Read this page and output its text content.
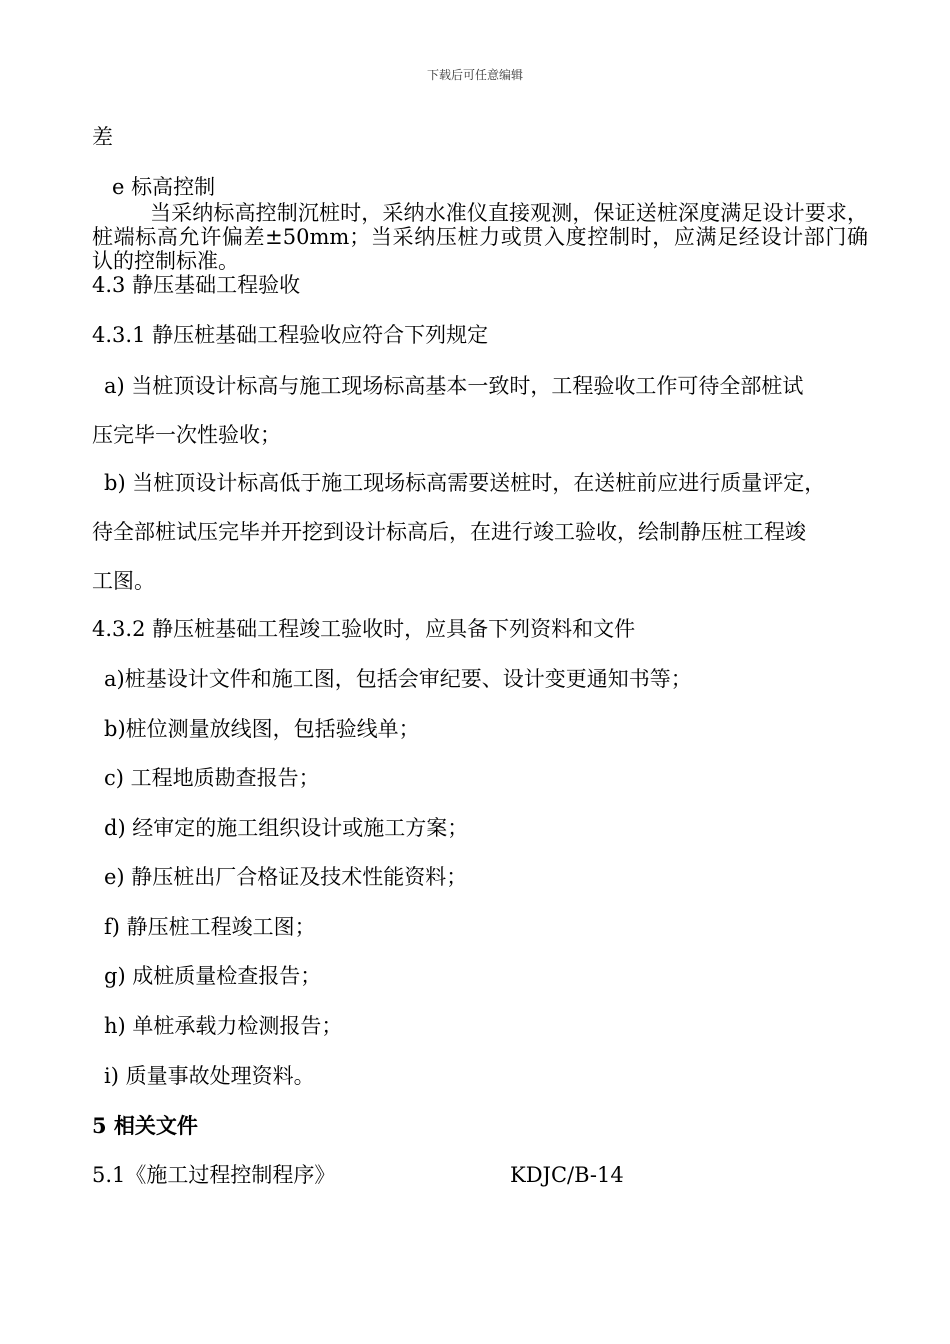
下载后可任意编辑
差
e 标高控制
当采纳标高控制沉桩时，采纳水准仪直接观测，保证送桩深度满足设计要求，桩端标高允许偏差±50mm；当采纳压桩力或贯入度控制时，应满足经设计部门确认的控制标准。
4.3 静压基础工程验收
4.3.1 静压桩基础工程验收应符合下列规定
a) 当桩顶设计标高与施工现场标高基本一致时，工程验收工作可待全部桩试
压完毕一次性验收；
b) 当桩顶设计标高低于施工现场标高需要送桩时，在送桩前应进行质量评定，
待全部桩试压完毕并开挖到设计标高后，在进行竣工验收，绘制静压桩工程竣
工图。
4.3.2 静压桩基础工程竣工验收时，应具备下列资料和文件
a)桩基设计文件和施工图，包括会审纪要、设计变更通知书等；
b)桩位测量放线图，包括验线单；
c) 工程地质勘查报告；
d) 经审定的施工组织设计或施工方案；
e) 静压桩出厂合格证及技术性能资料；
f) 静压桩工程竣工图；
g) 成桩质量检查报告；
h) 单桩承载力检测报告；
i) 质量事故处理资料。
5 相关文件
5.1《施工过程控制程序》	KDJC/B-14
